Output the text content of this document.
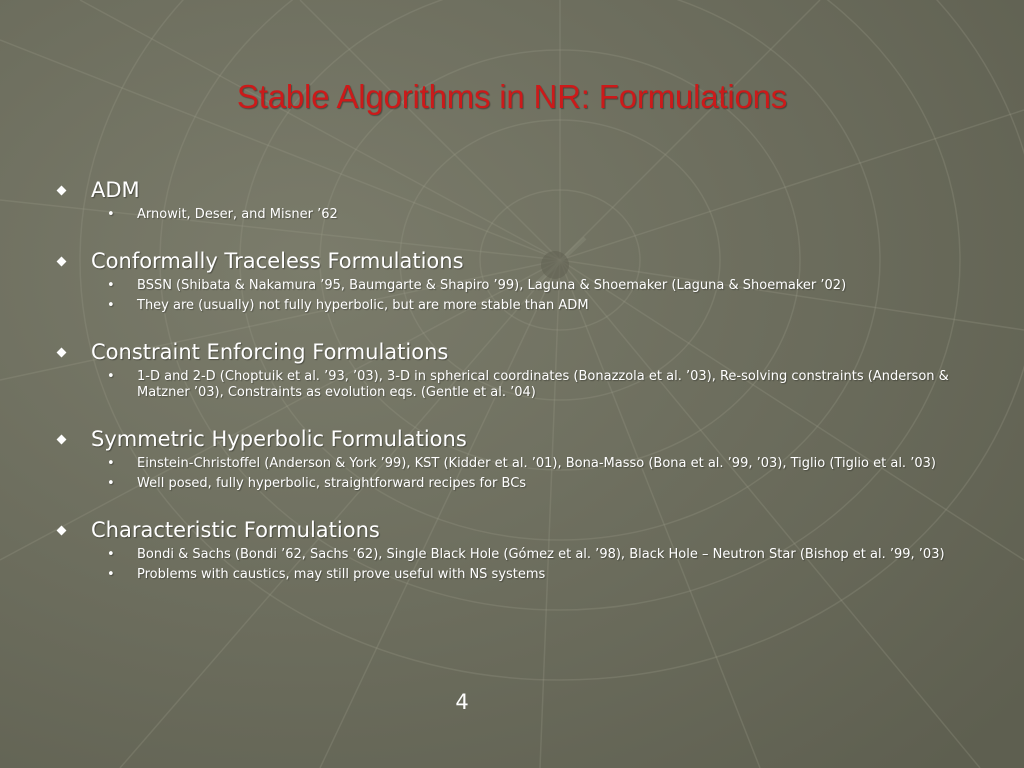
Stable Algorithms in NR: Formulations
ADM
• Arnowit, Deser, and Misner ’62
Conformally Traceless Formulations
• BSSN (Shibata & Nakamura ’95, Baumgarte & Shapiro ’99), Laguna & Shoemaker (Laguna & Shoemaker ’02)
• They are (usually) not fully hyperbolic, but are more stable than ADM
Constraint Enforcing Formulations
• 1-D and 2-D (Choptuik et al. ’93, ’03), 3-D in spherical coordinates (Bonazzola et al. ’03), Re-solving constraints (Anderson & Matzner ’03), Constraints as evolution eqs. (Gentle et al. ’04)
Symmetric Hyperbolic Formulations
• Einstein-Christoffel (Anderson & York ’99), KST (Kidder et al. ’01), Bona-Masso (Bona et al. ’99, ’03), Tiglio (Tiglio et al. ’03)
• Well posed, fully hyperbolic, straightforward recipes for BCs
Characteristic Formulations
• Bondi & Sachs (Bondi ’62, Sachs ’62), Single Black Hole (Gómez et al. ’98), Black Hole – Neutron Star (Bishop et al. ’99, ’03)
• Problems with caustics, may still prove useful with NS systems
4
